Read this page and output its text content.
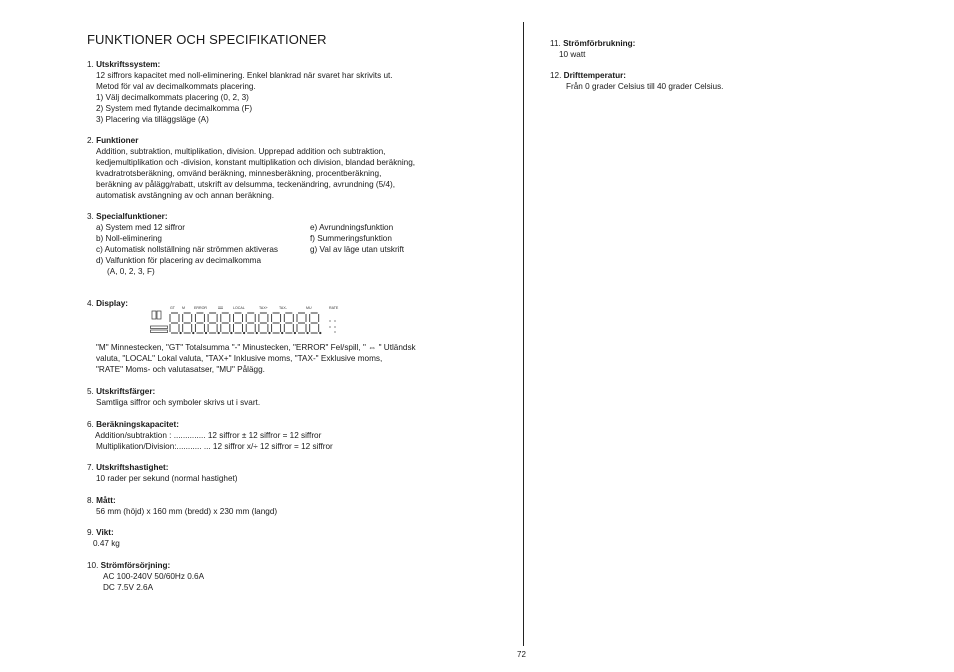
FUNKTIONER OCH SPECIFIKATIONER
1. Utskriftssystem:
12 siffrors kapacitet med noll-eliminering. Enkel blankrad när svaret har skrivits ut.
Metod för val av decimalkommats placering.
1) Välj decimalkommats placering (0, 2, 3)
2) System med flytande decimalkomma (F)
3) Placering via tilläggsläge (A)
2. Funktioner
Addition, subtraktion, multiplikation, division. Upprepad addition och subtraktion,
kedjemultiplikation och -division, konstant multiplikation och division, blandad beräkning,
kvadratrotsberäkning, omvänd beräkning, minnesberäkning, procentberäkning,
beräkning av pålägg/rabatt, utskrift av delsumma, teckenändring, avrundning (5/4),
automatisk avstängning av och annan beräkning.
3. Specialfunktioner:
a) System med 12 siffror
b) Noll-eliminering
c) Automatisk nollställning när strömmen aktiveras
d) Valfunktion för placering av decimalkomma
(A, 0, 2, 3, F)
e) Avrundningsfunktion
f) Summeringsfunktion
g) Val av läge utan utskrift
4. Display:	GT M	ERROR	LOCAL	TAX+	TAX-	MU	RATE
"M" Minnestecken, "GT" Totalsumma "-" Minustecken, "ERROR" Fel/spill, " ⇔ " Utländsk
valuta, "LOCAL" Lokal valuta, "TAX+" Inklusive moms, "TAX-" Exklusive moms,
"RATE" Moms- och valutasatser, "MU" Pålägg.
5. Utskriftsfärger:
Samtliga siffror och symboler skrivs ut i svart.
6. Beräkningskapacitet:
Addition/subtraktion : .............. 12 siffror ± 12 siffror = 12 siffror
Multiplikation/Division:........... ... 12 siffror x/÷ 12 siffror = 12 siffror
7. Utskriftshastighet:
10 rader per sekund (normal hastighet)
8. Mått:
56 mm (höjd) x 160 mm (bredd) x 230 mm (langd)
9. Vikt:
0.47 kg
10. Strömförsörjning:
AC 100-240V 50/60Hz 0.6A
DC 7.5V 2.6A
11. Strömförbrukning:
10 watt
12. Drifttemperatur:
Från 0 grader Celsius till 40 grader Celsius.
72
